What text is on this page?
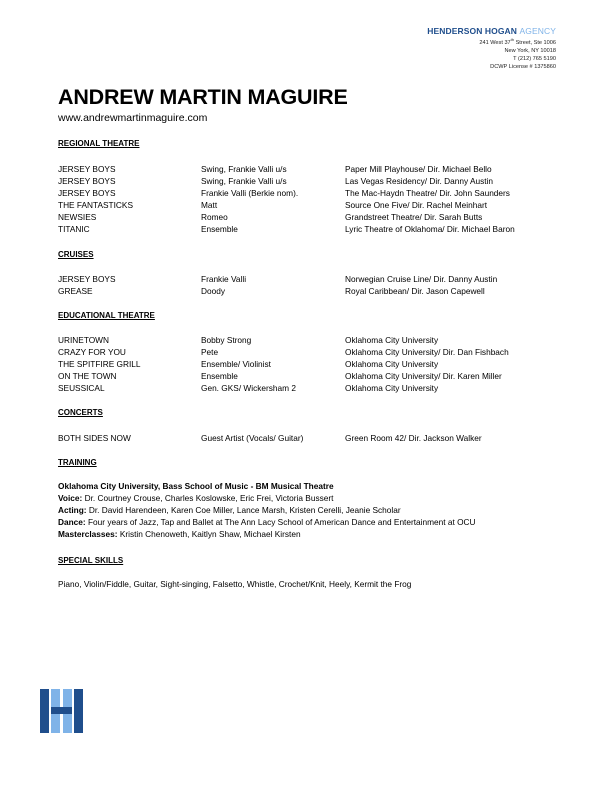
HENDERSON HOGAN AGENCY
241 West 37th Street, Ste 1006
New York, NY 10018
T (212) 765 5190
DCWP License # 1375860
ANDREW MARTIN MAGUIRE
www.andrewmartinmaguire.com
REGIONAL THEATRE
JERSEY BOYS	Swing, Frankie Valli u/s	Paper Mill Playhouse/ Dir. Michael Bello
JERSEY BOYS	Swing, Frankie Valli u/s	Las Vegas Residency/ Dir. Danny Austin
JERSEY BOYS	Frankie Valli (Berkie nom).	The Mac-Haydn Theatre/ Dir. John Saunders
THE FANTASTICKS	Matt	Source One Five/ Dir. Rachel Meinhart
NEWSIES	Romeo	Grandstreet Theatre/ Dir. Sarah Butts
TITANIC	Ensemble	Lyric Theatre of Oklahoma/ Dir. Michael Baron
CRUISES
JERSEY BOYS	Frankie Valli	Norwegian Cruise Line/ Dir. Danny Austin
GREASE	Doody	Royal Caribbean/ Dir. Jason Capewell
EDUCATIONAL THEATRE
URINETOWN	Bobby Strong	Oklahoma City University
CRAZY FOR YOU	Pete	Oklahoma City University/ Dir. Dan Fishbach
THE SPITFIRE GRILL	Ensemble/ Violinist	Oklahoma City University
ON THE TOWN	Ensemble	Oklahoma City University/ Dir. Karen Miller
SEUSSICAL	Gen. GKS/ Wickersham 2	Oklahoma City University
CONCERTS
BOTH SIDES NOW	Guest Artist (Vocals/ Guitar)	Green Room 42/ Dir. Jackson Walker
TRAINING
Oklahoma City University, Bass School of Music - BM Musical Theatre
Voice: Dr. Courtney Crouse, Charles Koslowske, Eric Frei, Victoria Bussert
Acting: Dr. David Harendeen, Karen Coe Miller, Lance Marsh, Kristen Cerelli, Jeanie Scholar
Dance: Four years of Jazz, Tap and Ballet at The Ann Lacy School of American Dance and Entertainment at OCU
Masterclasses: Kristin Chenoweth, Kaitlyn Shaw, Michael Kirsten
SPECIAL SKILLS
Piano, Violin/Fiddle, Guitar, Sight-singing, Falsetto, Whistle, Crochet/Knit, Heely, Kermit the Frog
